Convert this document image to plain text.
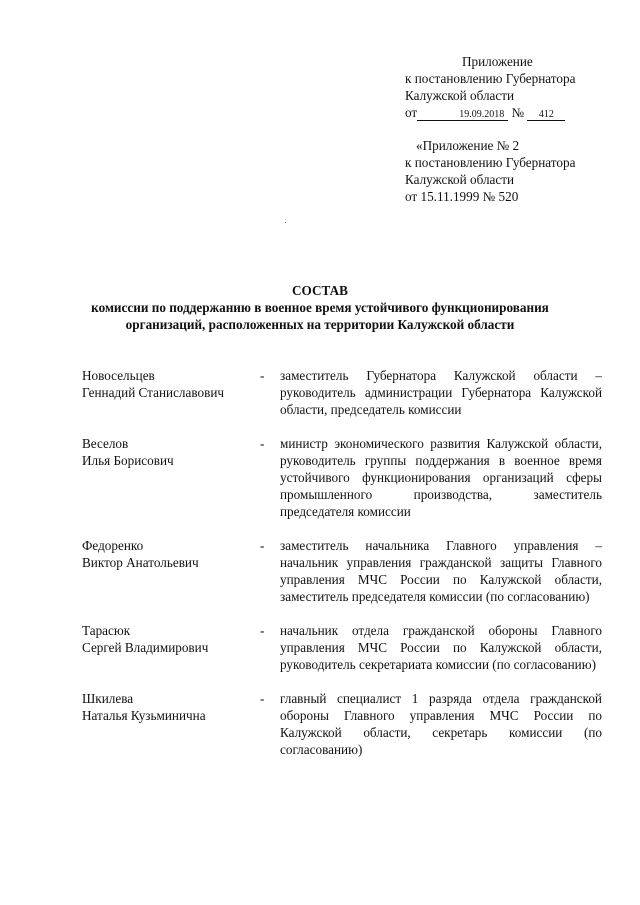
Приложение
к постановлению Губернатора
Калужской области
от	19.09.2018 № 412
«Приложение № 2
к постановлению Губернатора
Калужской области
от 15.11.1999 № 520
СОСТАВ
комиссии по поддержанию в военное время устойчивого функционирования
организаций, расположенных на территории Калужской области
Новосельцев
Геннадий Станиславович
- заместитель Губернатора Калужской области – руководитель администрации Губернатора Калужской области, председатель комиссии
Веселов
Илья Борисович
- министр экономического развития Калужской области, руководитель группы поддержания в военное время устойчивого функционирования организаций сферы промышленного производства, заместитель председателя комиссии
Федоренко
Виктор Анатольевич
- заместитель начальника Главного управления – начальник управления гражданской защиты Главного управления МЧС России по Калужской области, заместитель председателя комиссии (по согласованию)
Тарасюк
Сергей Владимирович
- начальник отдела гражданской обороны Главного управления МЧС России по Калужской области, руководитель секретариата комиссии (по согласованию)
Шкилева
Наталья Кузьминична
- главный специалист 1 разряда отдела гражданской обороны Главного управления МЧС России по Калужской области, секретарь комиссии (по согласованию)
